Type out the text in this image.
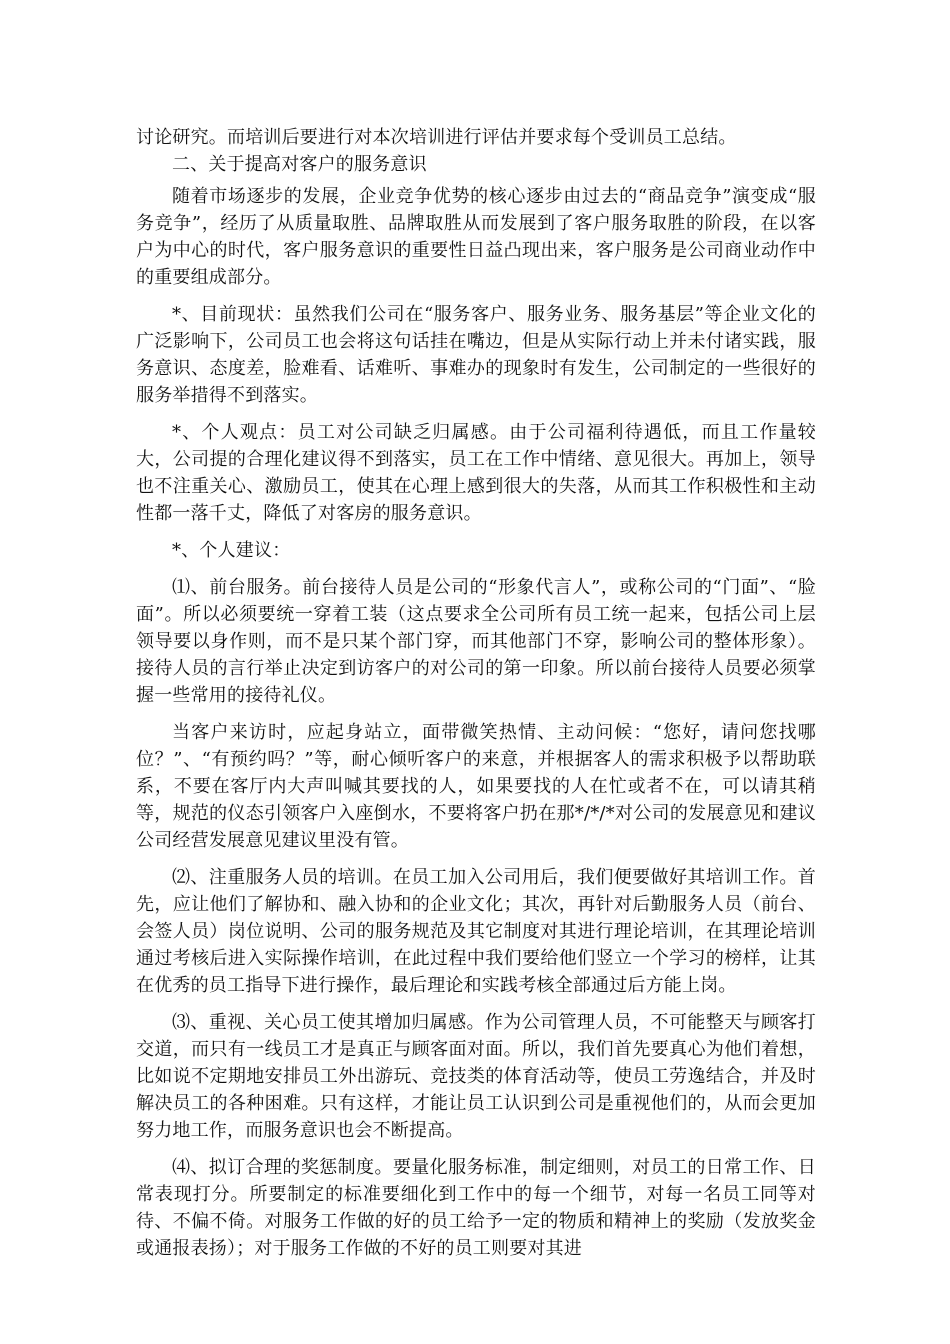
讨论研究。而培训后要进行对本次培训进行评估并要求每个受训员工总结。

二、关于提高对客户的服务意识

随着市场逐步的发展，企业竞争优势的核心逐步由过去的“商品竞争”演变成“服务竞争”，经历了从质量取胜、品牌取胜从而发展到了客户服务取胜的阶段，在以客户为中心的时代，客户服务意识的重要性日益凸现出来，客户服务是公司商业动作中的重要组成部分。

*、目前现状：虽然我们公司在“服务客户、服务业务、服务基层”等企业文化的广泛影响下，公司员工也会将这句话挂在嘴边，但是从实际行动上并未付诸实践，服务意识、态度差，脸难看、话难听、事难办的现象时有发生，公司制定的一些很好的服务举措得不到落实。

*、个人观点：员工对公司缺乏归属感。由于公司福利待遇低，而且工作量较大，公司提的合理化建议得不到落实，员工在工作中情绪、意见很大。再加上，领导也不注重关心、激励员工，使其在心理上感到很大的失落，从而其工作积极性和主动性都一落千丈，降低了对客房的服务意识。

*、个人建议：

⑴、前台服务。前台接待人员是公司的“形象代言人”，或称公司的“门面”、“脸面”。所以必须要统一穿着工装（这点要求全公司所有员工统一起来，包括公司上层领导要以身作则，而不是只某个部门穿，而其他部门不穿，影响公司的整体形象）。接待人员的言行举止决定到访客户的对公司的第一印象。所以前台接待人员要必须掌握一些常用的接待礼仪。

当客户来访时，应起身站立，面带微笑热情、主动问候：“您好，请问您找哪位？”、“有预约吗？”等，耐心倾听客户的来意，并根据客人的需求积极予以帮助联系，不要在客厅内大声叫喊其要找的人，如果要找的人在忙或者不在，可以请其稍等，规范的仪态引领客户入座倒水，不要将客户扔在那*/*/*对公司的发展意见和建议公司经营发展意见建议里没有管。

⑵、注重服务人员的培训。在员工加入公司用后，我们便要做好其培训工作。首先，应让他们了解协和、融入协和的企业文化；其次，再针对后勤服务人员（前台、会签人员）岗位说明、公司的服务规范及其它制度对其进行理论培训，在其理论培训通过考核后进入实际操作培训，在此过程中我们要给他们竖立一个学习的榜样，让其在优秀的员工指导下进行操作，最后理论和实践考核全部通过后方能上岗。

⑶、重视、关心员工使其增加归属感。作为公司管理人员，不可能整天与顾客打交道，而只有一线员工才是真正与顾客面对面。所以，我们首先要真心为他们着想，比如说不定期地安排员工外出游玩、竞技类的体育活动等，使员工劳逸结合，并及时解决员工的各种困难。只有这样，才能让员工认识到公司是重视他们的，从而会更加努力地工作，而服务意识也会不断提高。

⑷、拟订合理的奖惩制度。要量化服务标准，制定细则，对员工的日常工作、日常表现打分。所要制定的标准要细化到工作中的每一个细节，对每一名员工同等对待、不偏不倚。对服务工作做的好的员工给予一定的物质和精神上的奖励（发放奖金或通报表扬）；对于服务工作做的不好的员工则要对其进
